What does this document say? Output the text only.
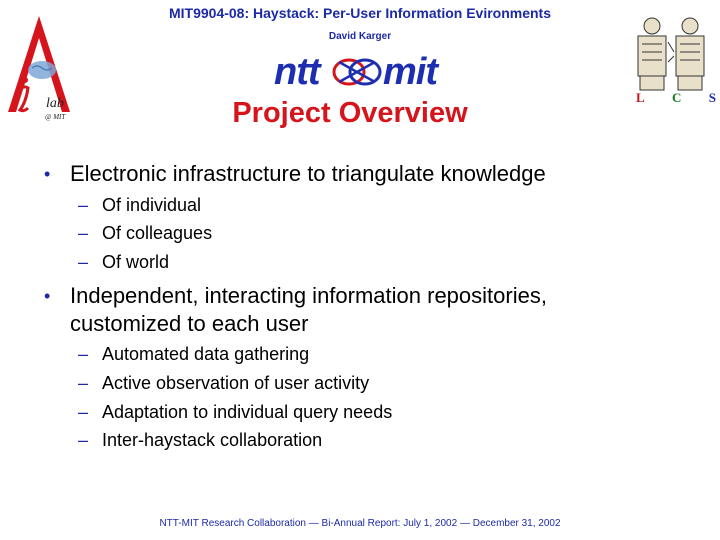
MIT9904-08: Haystack: Per-User Information Evironments
David Karger
lab
@ MIT
ntt mit
L C S
Project Overview
• Electronic infrastructure to triangulate knowledge
– Of individual
– Of colleagues
– Of world
• Independent, interacting information repositories, customized to each user
– Automated data gathering
– Active observation of user activity
– Adaptation to individual query needs
– Inter-haystack collaboration
NTT-MIT Research Collaboration — Bi-Annual Report: July 1, 2002 — December 31, 2002
